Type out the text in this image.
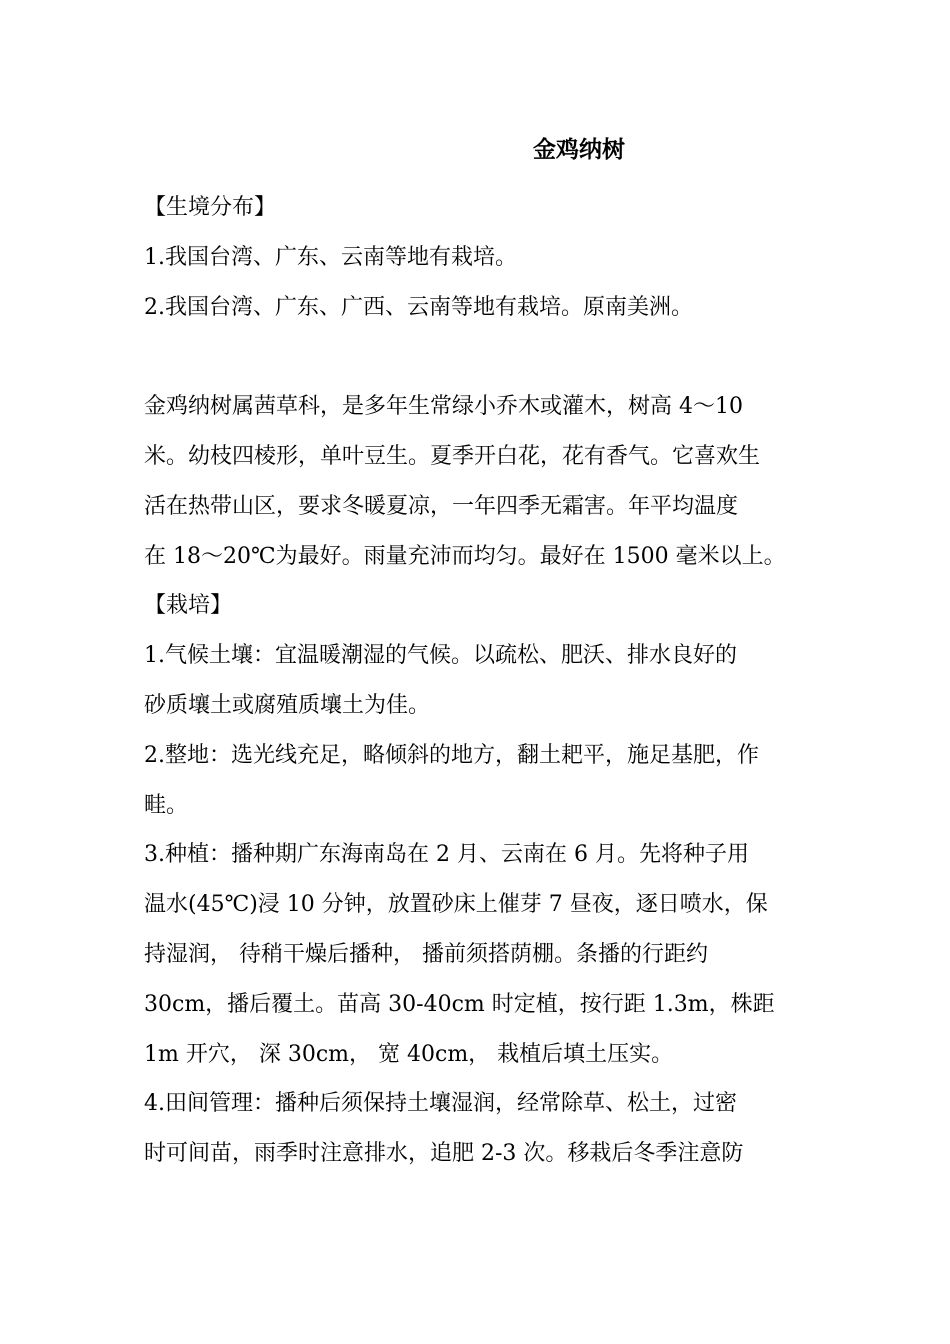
金鸡纳树

【生境分布】

1.我国台湾、广东、云南等地有栽培。

2.我国台湾、广东、广西、云南等地有栽培。原南美洲。

金鸡纳树属茜草科，是多年生常绿小乔木或灌木，树高 4～10

米。幼枝四棱形，单叶豆生。夏季开白花，花有香气。它喜欢生

活在热带山区，要求冬暖夏凉，一年四季无霜害。年平均温度

在 18～20℃为最好。雨量充沛而均匀。最好在 1500 毫米以上。

【栽培】

1.气候土壤：宜温暖潮湿的气候。以疏松、肥沃、排水良好的

砂质壤土或腐殖质壤土为佳。

2.整地：选光线充足，略倾斜的地方，翻土耙平，施足基肥，作

畦。

3.种植：播种期广东海南岛在 2 月、云南在 6 月。先将种子用

温水(45℃)浸 10 分钟，放置砂床上催芽 7 昼夜，逐日喷水，保

持湿润， 待稍干燥后播种， 播前须搭荫棚。条播的行距约

30cm，播后覆土。苗高 30-40cm 时定植，按行距 1.3m，株距

1m 开穴， 深 30cm， 宽 40cm， 栽植后填土压实。

4.田间管理：播种后须保持土壤湿润，经常除草、松土，过密

时可间苗，雨季时注意排水，追肥 2-3 次。移栽后冬季注意防
